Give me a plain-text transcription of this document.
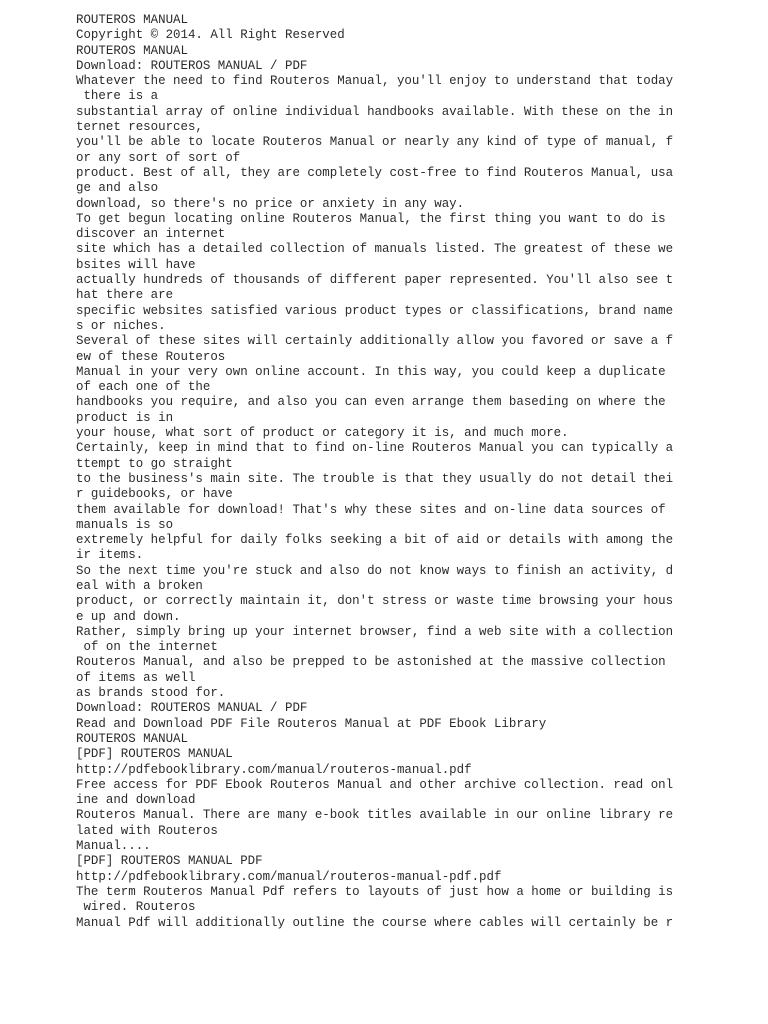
ROUTEROS MANUAL
Copyright © 2014. All Right Reserved
ROUTEROS MANUAL
Download: ROUTEROS MANUAL / PDF
Whatever the need to find Routeros Manual, you'll enjoy to understand that today
there is a
substantial array of online individual handbooks available. With these on the in
ternet resources,
you'll be able to locate Routeros Manual or nearly any kind of type of manual, f
or any sort of sort of
product. Best of all, they are completely cost-free to find Routeros Manual, usa
ge and also
download, so there's no price or anxiety in any way.
To get begun locating online Routeros Manual, the first thing you want to do is
discover an internet
site which has a detailed collection of manuals listed. The greatest of these we
bsites will have
actually hundreds of thousands of different paper represented. You'll also see t
hat there are
specific websites satisfied various product types or classifications, brand name
s or niches.
Several of these sites will certainly additionally allow you favored or save a f
ew of these Routeros
Manual in your very own online account. In this way, you could keep a duplicate
of each one of the
handbooks you require, and also you can even arrange them baseding on where the
product is in
your house, what sort of product or category it is, and much more.
Certainly, keep in mind that to find on-line Routeros Manual you can typically a
ttempt to go straight
to the business's main site. The trouble is that they usually do not detail thei
r guidebooks, or have
them available for download! That's why these sites and on-line data sources of
manuals is so
extremely helpful for daily folks seeking a bit of aid or details with among the
ir items.
So the next time you're stuck and also do not know ways to finish an activity, d
eal with a broken
product, or correctly maintain it, don't stress or waste time browsing your hous
e up and down.
Rather, simply bring up your internet browser, find a web site with a collection
of on the internet
Routeros Manual, and also be prepped to be astonished at the massive collection
of items as well
as brands stood for.
Download: ROUTEROS MANUAL / PDF
Read and Download PDF File Routeros Manual at PDF Ebook Library
ROUTEROS MANUAL
[PDF] ROUTEROS MANUAL
http://pdfebooklibrary.com/manual/routeros-manual.pdf
Free access for PDF Ebook Routeros Manual and other archive collection. read onl
ine and download
Routeros Manual. There are many e-book titles available in our online library re
lated with Routeros
Manual....
[PDF] ROUTEROS MANUAL PDF
http://pdfebooklibrary.com/manual/routeros-manual-pdf.pdf
The term Routeros Manual Pdf refers to layouts of just how a home or building is
wired. Routeros
Manual Pdf will additionally outline the course where cables will certainly be r
